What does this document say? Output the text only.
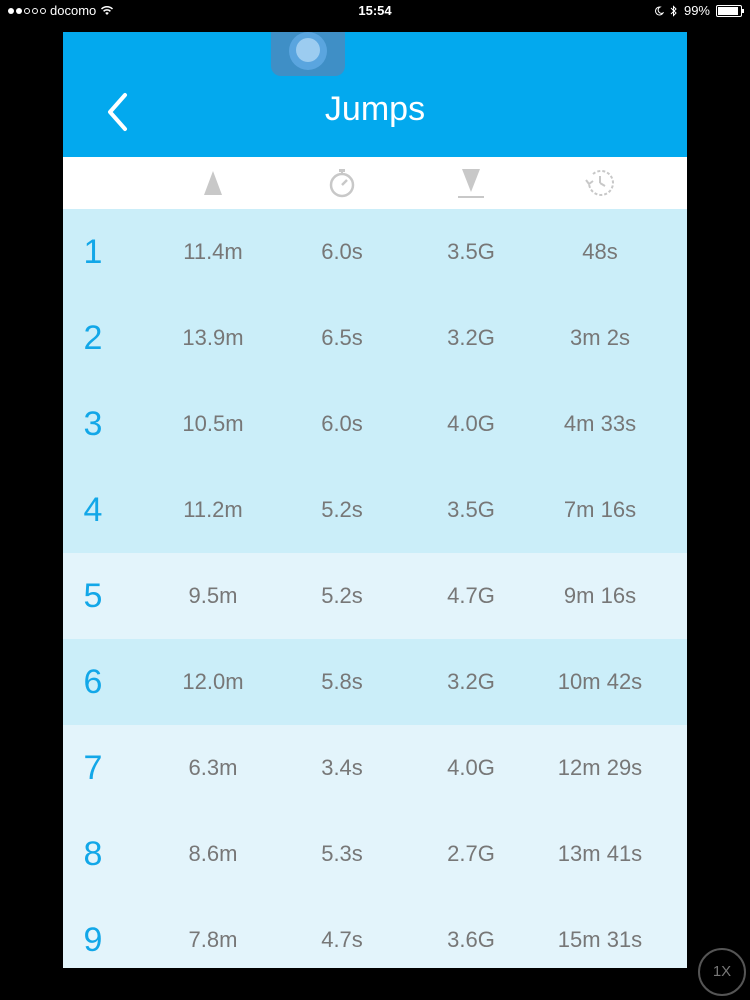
docomo	15:54	99%
Jumps
1	11.4m	6.0s	3.5G	48s
2	13.9m	6.5s	3.2G	3m 2s
3	10.5m	6.0s	4.0G	4m 33s
4	11.2m	5.2s	3.5G	7m 16s
5	9.5m	5.2s	4.7G	9m 16s
6	12.0m	5.8s	3.2G	10m 42s
7	6.3m	3.4s	4.0G	12m 29s
8	8.6m	5.3s	2.7G	13m 41s
9	7.8m	4.7s	3.6G	15m 31s
1X
